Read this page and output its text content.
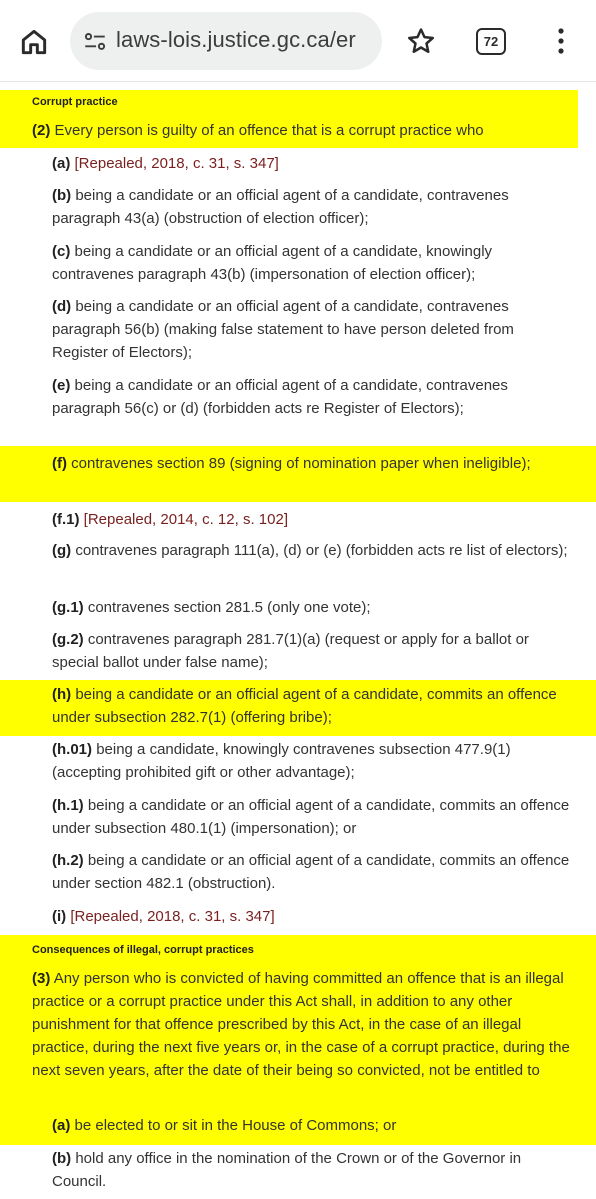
laws-lois.justice.gc.ca/er	72
Corrupt practice
(2) Every person is guilty of an offence that is a corrupt practice who
(a) [Repealed, 2018, c. 31, s. 347]
(b) being a candidate or an official agent of a candidate, contravenes paragraph 43(a) (obstruction of election officer);
(c) being a candidate or an official agent of a candidate, knowingly contravenes paragraph 43(b) (impersonation of election officer);
(d) being a candidate or an official agent of a candidate, contravenes paragraph 56(b) (making false statement to have person deleted from Register of Electors);
(e) being a candidate or an official agent of a candidate, contravenes paragraph 56(c) or (d) (forbidden acts re Register of Electors);
(f) contravenes section 89 (signing of nomination paper when ineligible);
(f.1) [Repealed, 2014, c. 12, s. 102]
(g) contravenes paragraph 111(a), (d) or (e) (forbidden acts re list of electors);
(g.1) contravenes section 281.5 (only one vote);
(g.2) contravenes paragraph 281.7(1)(a) (request or apply for a ballot or special ballot under false name);
(h) being a candidate or an official agent of a candidate, commits an offence under subsection 282.7(1) (offering bribe);
(h.01) being a candidate, knowingly contravenes subsection 477.9(1) (accepting prohibited gift or other advantage);
(h.1) being a candidate or an official agent of a candidate, commits an offence under subsection 480.1(1) (impersonation); or
(h.2) being a candidate or an official agent of a candidate, commits an offence under section 482.1 (obstruction).
(i) [Repealed, 2018, c. 31, s. 347]
Consequences of illegal, corrupt practices
(3) Any person who is convicted of having committed an offence that is an illegal practice or a corrupt practice under this Act shall, in addition to any other punishment for that offence prescribed by this Act, in the case of an illegal practice, during the next five years or, in the case of a corrupt practice, during the next seven years, after the date of their being so convicted, not be entitled to
(a) be elected to or sit in the House of Commons; or
(b) hold any office in the nomination of the Crown or of the Governor in Council.
